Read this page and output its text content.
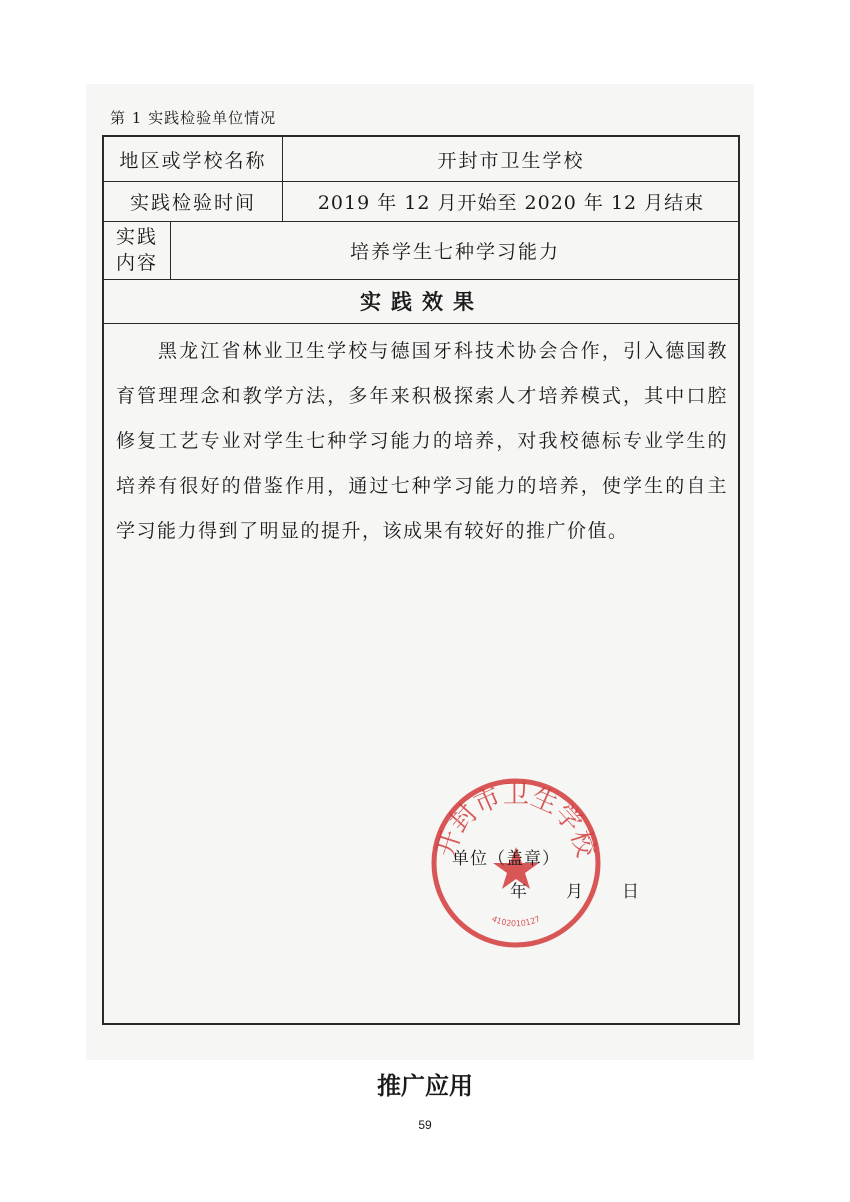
第 1 实践检验单位情况
地区或学校名称	开封市卫生学校
实践检验时间	2019 年 12 月开始至 2020 年 12 月结束
实践
内容
培养学生七种学习能力
实践效果

黑龙江省林业卫生学校与德国牙科技术协会合作，引入德国教育管理理念和教学方法，多年来积极探索人才培养模式，其中口腔修复工艺专业对学生七种学习能力的培养，对我校德标专业学生的培养有很好的借鉴作用，通过七种学习能力的培养，使学生的自主学习能力得到了明显的提升，该成果有较好的推广价值。

开封市卫生学校
4102010127
单位（盖章）
年 月 日
推广应用
59
